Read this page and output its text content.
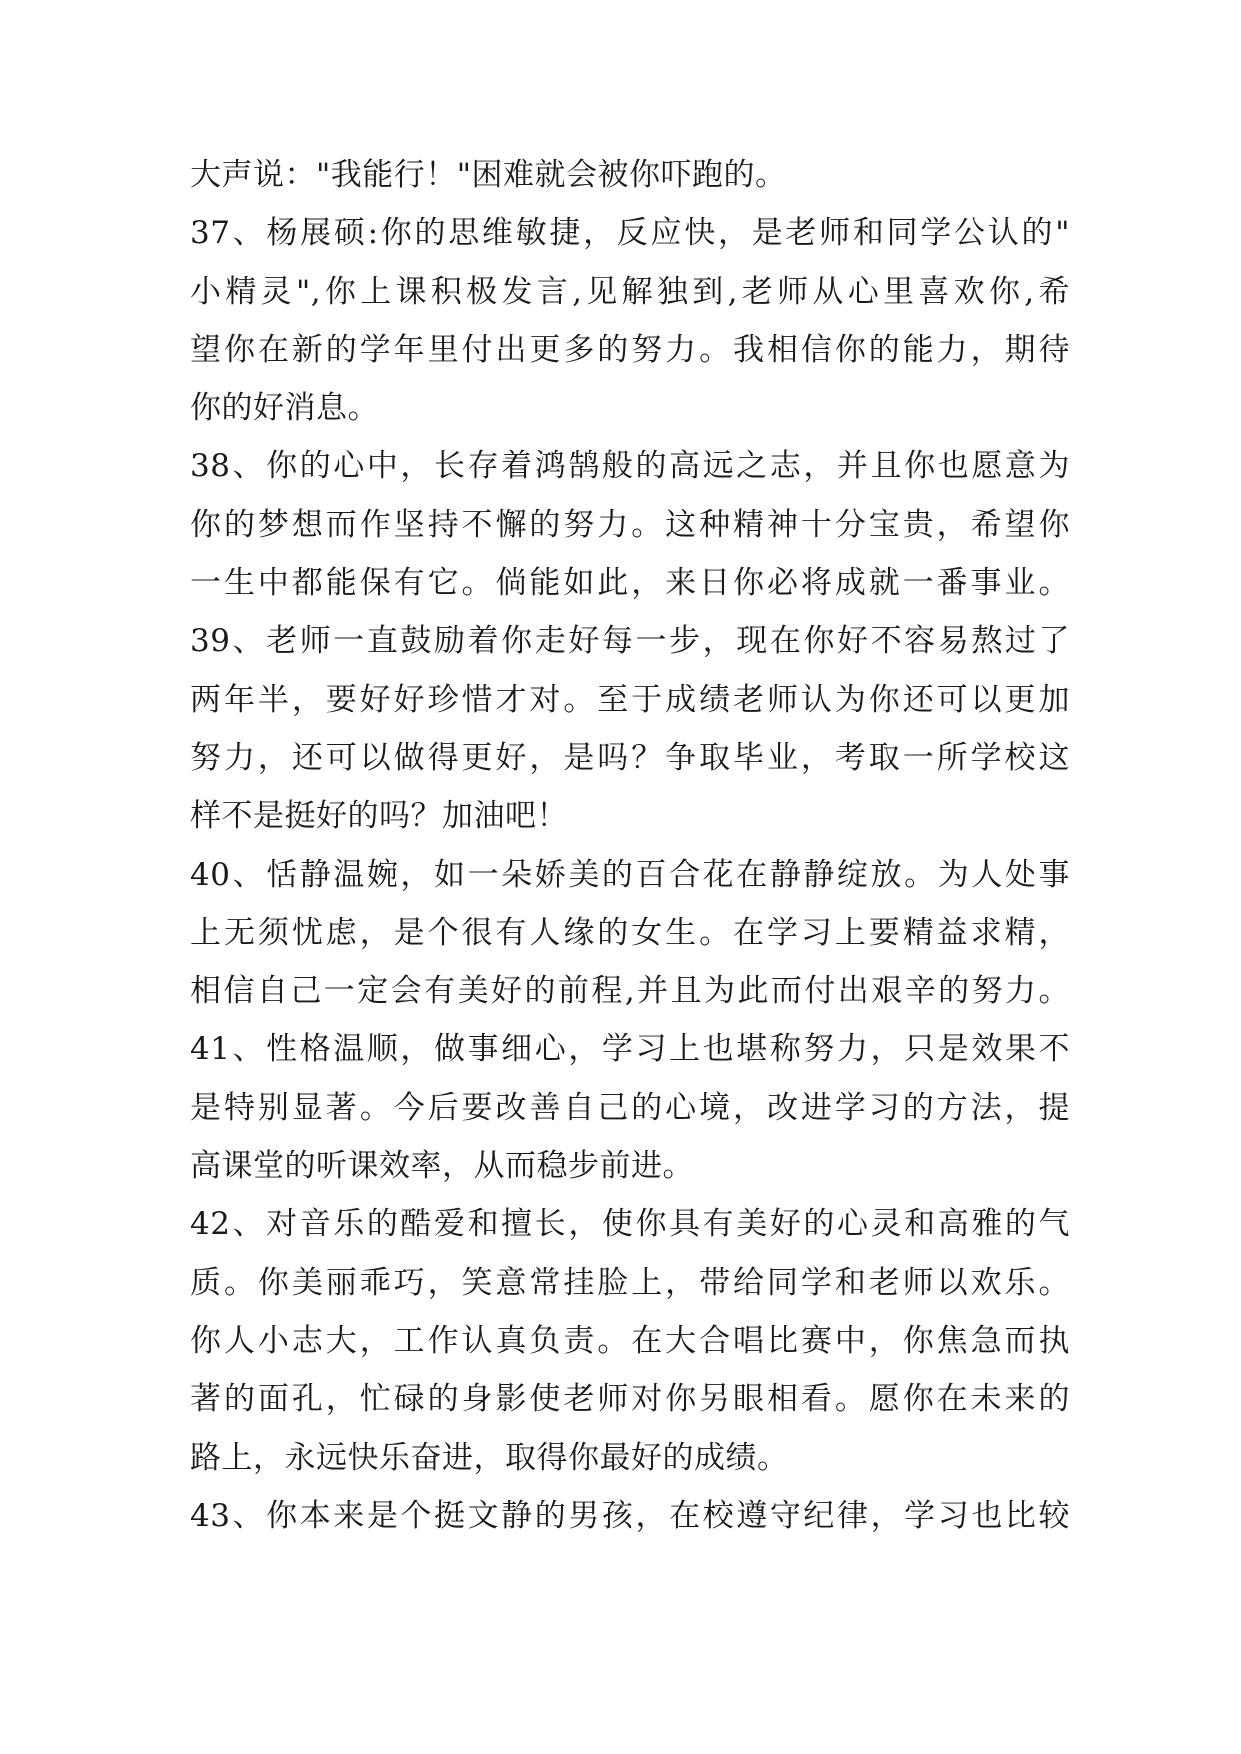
大声说："我能行！"困难就会被你吓跑的。
37、杨展硕:你的思维敏捷，反应快，是老师和同学公认的"
小精灵",你上课积极发言,见解独到,老师从心里喜欢你,希
望你在新的学年里付出更多的努力。我相信你的能力，期待
你的好消息。
38、你的心中，长存着鸿鹄般的高远之志，并且你也愿意为
你的梦想而作坚持不懈的努力。这种精神十分宝贵，希望你
一生中都能保有它。倘能如此，来日你必将成就一番事业。
39、老师一直鼓励着你走好每一步，现在你好不容易熬过了
两年半，要好好珍惜才对。至于成绩老师认为你还可以更加
努力，还可以做得更好，是吗？争取毕业，考取一所学校这
样不是挺好的吗？加油吧！
40、恬静温婉，如一朵娇美的百合花在静静绽放。为人处事
上无须忧虑，是个很有人缘的女生。在学习上要精益求精，
相信自己一定会有美好的前程,并且为此而付出艰辛的努力。
41、性格温顺，做事细心，学习上也堪称努力，只是效果不
是特别显著。今后要改善自己的心境，改进学习的方法，提
高课堂的听课效率，从而稳步前进。
42、对音乐的酷爱和擅长，使你具有美好的心灵和高雅的气
质。你美丽乖巧，笑意常挂脸上，带给同学和老师以欢乐。
你人小志大，工作认真负责。在大合唱比赛中，你焦急而执
著的面孔，忙碌的身影使老师对你另眼相看。愿你在未来的
路上，永远快乐奋进，取得你最好的成绩。
43、你本来是个挺文静的男孩，在校遵守纪律，学习也比较
